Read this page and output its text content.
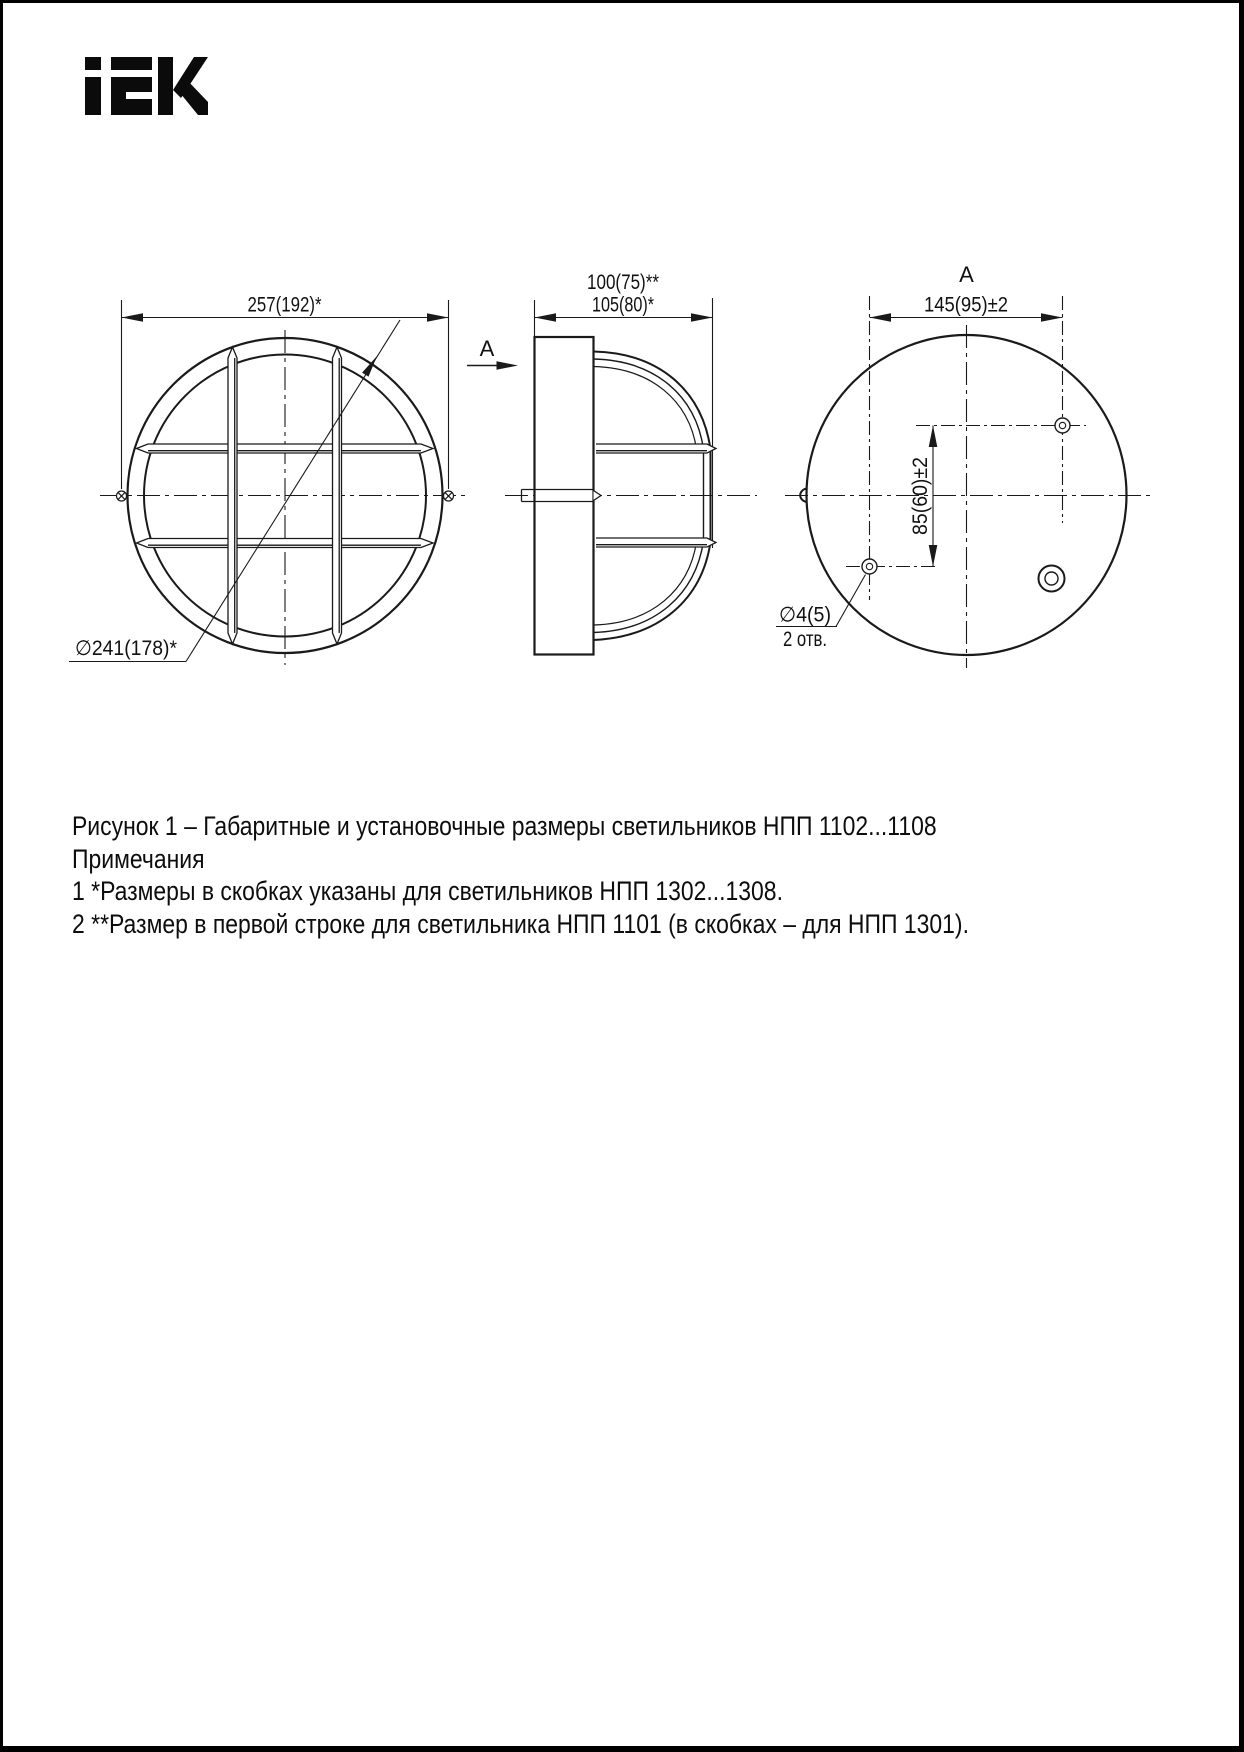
257(192)*
∅241(178)*
A
100(75)**
105(80)*
A
145(95)±2
85(60)±2
∅4(5)
2 отв.
Рисунок 1 – Габаритные и установочные размеры светильников НПП 1102...1108
Примечания
1 *Размеры в скобках указаны для светильников НПП 1302...1308.
2 **Размер в первой строке для светильника НПП 1101 (в скобках – для НПП 1301).
